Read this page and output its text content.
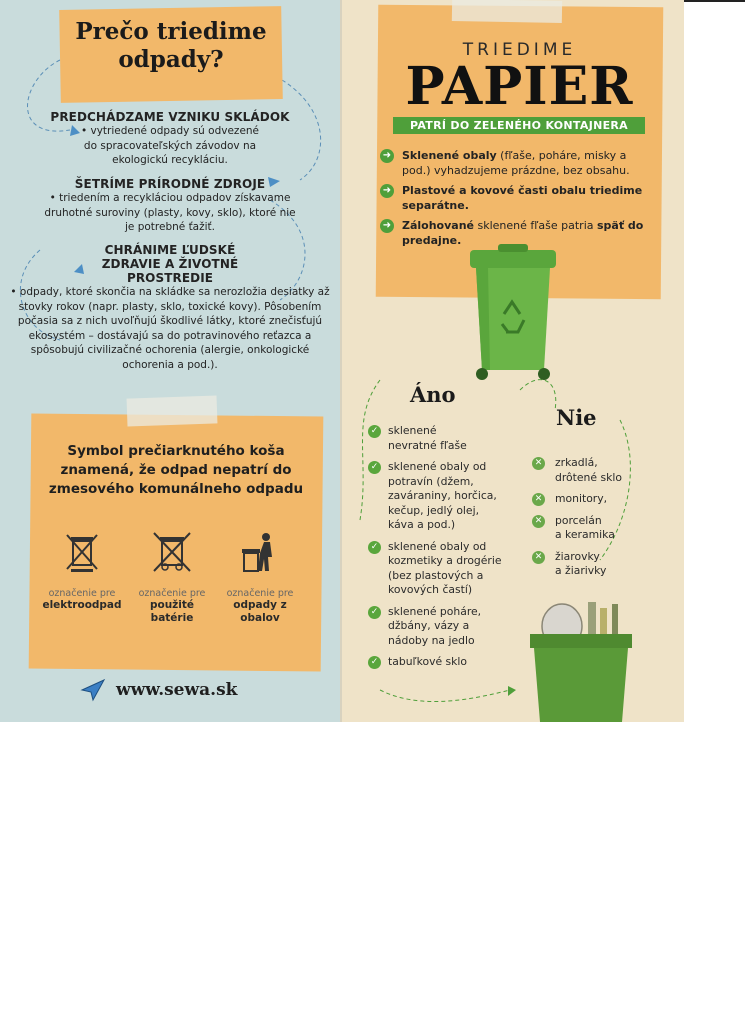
Prečo triedime odpady?
PREDCHÁDZAME VZNIKU SKLÁDOK
• vytriedené odpady sú odvezené do spracovateľských závodov na ekologickú recykláciu.
ŠETRÍME PRÍRODNÉ ZDROJE
• triedením a recykláciou odpadov získavame druhotné suroviny (plasty, kovy, sklo), ktoré nie je potrebné ťažiť.
CHRÁNIME ĽUDSKÉ ZDRAVIE A ŽIVOTNÉ PROSTREDIE
• odpady, ktoré skončia na skládke sa nerozložia desiatky až stovky rokov (napr. plasty, sklo, toxické kovy). Pôsobením počasia sa z nich uvoľňujú škodlivé látky, ktoré znečisťujú ekosystém – dostávajú sa do potravinového reťazca a spôsobujú civilizačné ochorenia (alergie, onkologické ochorenia a pod.).
Symbol prečiarknutého koša znamená, že odpad nepatrí do zmesového komunálneho odpadu
označenie pre
elektroodpad
označenie pre
použité batérie
označenie pre
odpady z obalov
www.sewa.sk
TRIEDIME
PAPIER
PATRÍ DO ZELENÉHO KONTAJNERA
➜ Sklenené obaly (fľaše, poháre, misky a pod.) vyhadzujeme prázdne, bez obsahu.
➜ Plastové a kovové časti obalu triedime separátne.
➜ Zálohované sklenené fľaše patria späť do predajne.
Áno
Nie
✓ sklenené
nevratné fľaše
✓ sklenené obaly od
potravín (džem,
zaváraniny, horčica,
kečup, jedlý olej,
káva a pod.)
✓ sklenené obaly od
kozmetiky a drogérie
(bez plastových a
kovových častí)
✓ sklenené poháre,
džbány, vázy a
nádoby na jedlo
✓ tabuľkové sklo
✕ zrkadlá,
drôtené sklo
✕ monitory,
✕ porcelán
a keramika
✕ žiarovky
a žiarivky
